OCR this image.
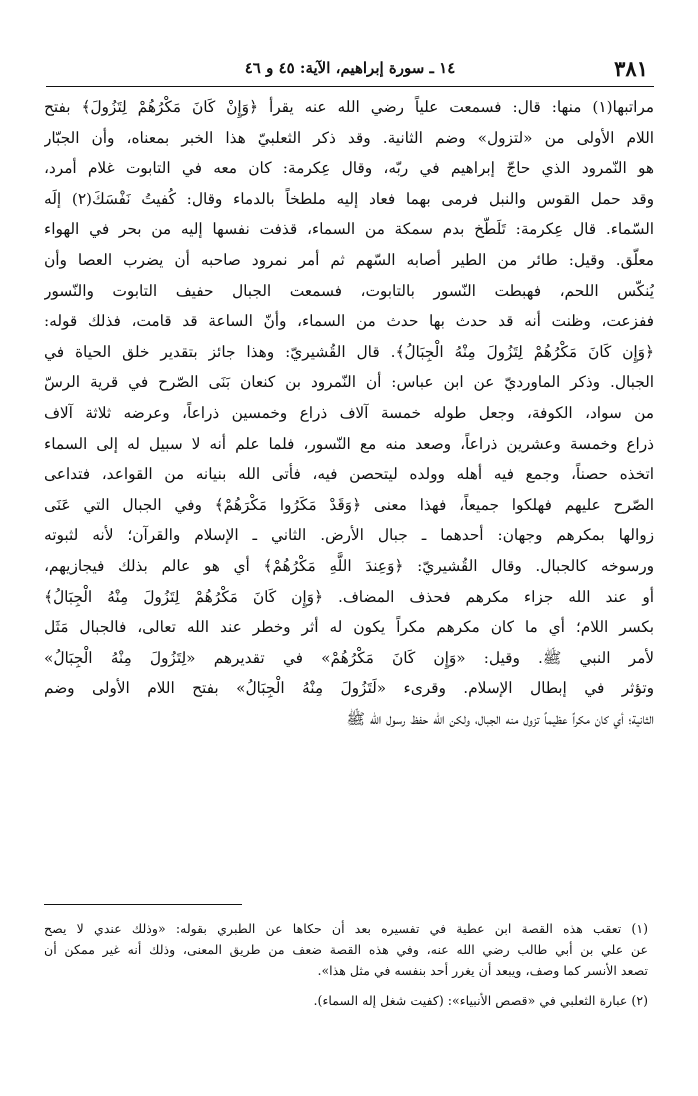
٣٨١
١٤ ـ سورة إبراهيم، الآية: ٤٥ و ٤٦
مراتبها(١) منها: قال: فسمعت علياً رضي الله عنه يقرأ ﴿وَإِنْ كَانَ مَكْرُهُمْ لِتَزُولَ﴾ بفتح
اللام الأولى من «لتزول» وضم الثانية. وقد ذكر الثعلبيّ هذا الخبر بمعناه، وأن الجبّار
هو النّمرود الذي حاجّ إبراهيم في ربّه، وقال عِكرمة: كان معه في التابوت غلام أمرد،
وقد حمل القوس والنبل فرمى بهما فعاد إليه ملطخاً بالدماء وقال: كُفيتُ نَفْسَكَ(٢) إلَه
السّماء. قال عِكرمة: تَلَطّخ بدم سمكة من السماء، قذفت نفسها إليه من بحر في الهواء
معلّق. وقيل: طائر من الطير أصابه السّهم ثم أمر نمرود صاحبه أن يضرب العصا وأن
يُنكّس اللحم، فهبطت النّسور بالتابوت، فسمعت الجبال حفيف التابوت والنّسور
ففزعت، وظنت أنه قد حدث بها حدث من السماء، وأنّ الساعة قد قامت، فذلك قوله:
﴿وَإِن كَانَ مَكْرُهُمْ لِتَزُولَ مِنْهُ الْجِبَالُ﴾. قال القُشيريّ: وهذا جائز بتقدير خلق الحياة في
الجبال. وذكر الماورديّ عن ابن عباس: أن النّمرود بن كنعان بَنَى الصّرح في قرية الرسّ
من سواد، الكوفة، وجعل طوله خمسة آلاف ذراع وخمسين ذراعاً، وعرضه ثلاثة آلاف
ذراع وخمسة وعشرين ذراعاً، وصعد منه مع النّسور، فلما علم أنه لا سبيل له إلى السماء
اتخذه حصناً، وجمع فيه أهله وولده ليتحصن فيه، فأتى الله بنيانه من القواعد، فتداعى
الصّرح عليهم فهلكوا جميعاً، فهذا معنى ﴿وَقَدْ مَكَرُوا مَكْرَهُمْ﴾ وفي الجبال التي عَنَى
زوالها بمكرهم وجهان: أحدهما ـ جبال الأرض. الثاني ـ الإسلام والقرآن؛ لأنه لثبوته
ورسوخه كالجبال. وقال القُشيريّ: ﴿وَعِندَ اللَّهِ مَكْرُهُمْ﴾ أي هو عالم بذلك فيجازيهم،
أو عند الله جزاء مكرهم فحذف المضاف. ﴿وَإِن كَانَ مَكْرُهُمْ لِتَزُولَ مِنْهُ الْجِبَالُ﴾
بكسر اللام؛ أي ما كان مكرهم مكراً يكون له أثر وخطر عند الله تعالى، فالجبال مَثَل
لأمر النبي ﷺ. وقيل: «وَإِن كَانَ مَكْرُهُمْ» في تقديرهم «لِتَزُولَ مِنْهُ الْجِبَالُ»
وتؤثر في إبطال الإسلام. وقرىء «لَتَزُولَ مِنْهُ الْجِبَالُ» بفتح اللام الأولى وضم
الثانية؛ أي كان مكراً عظيماً تزول منه الجبال، ولكن الله حفظ رسول الله ﷺ
(١) تعقب هذه القصة ابن عطية في تفسيره بعد أن حكاها عن الطبري بقوله: «وذلك عندي لا يصح
عن علي بن أبي طالب رضي الله عنه، وفي هذه القصة ضعف من طريق المعنى، وذلك أنه غير ممكن أن
تصعد الأنسر كما وصف، ويبعد أن يغرر أحد بنفسه في مثل هذا».
(٢) عبارة الثعلبي في «قصص الأنبياء»: (كفيت شغل إله السماء).
